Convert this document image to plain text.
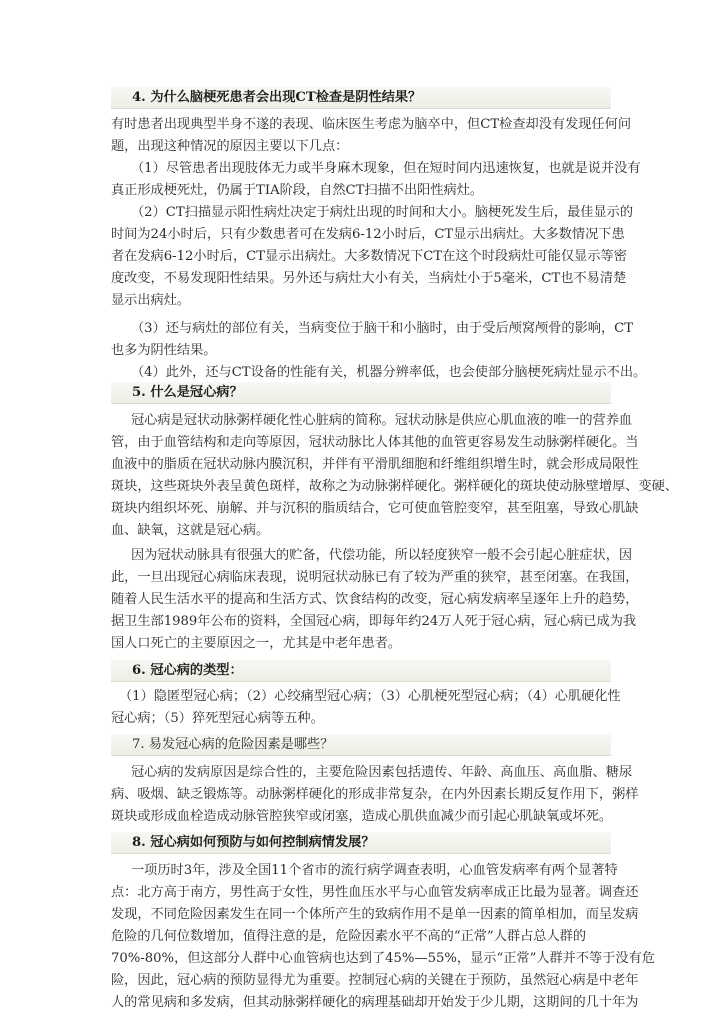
4. 为什么脑梗死患者会出现CT检查是阴性结果？
有时患者出现典型半身不遂的表现、临床医生考虑为脑卒中，但CT检查却没有发现任何问
题，出现这种情况的原因主要以下几点：
（1）尽管患者出现肢体无力或半身麻木现象，但在短时间内迅速恢复，也就是说并没有
真正形成梗死灶，仍属于TIA阶段，自然CT扫描不出阳性病灶。
（2）CT扫描显示阳性病灶决定于病灶出现的时间和大小。脑梗死发生后，最佳显示的
时间为24小时后，只有少数患者可在发病6-12小时后，CT显示出病灶。大多数情况下患
者在发病6-12小时后，CT显示出病灶。大多数情况下CT在这个时段病灶可能仅显示等密
度改变，不易发现阳性结果。另外还与病灶大小有关，当病灶小于5毫米，CT也不易清楚
显示出病灶。
（3）还与病灶的部位有关，当病变位于脑干和小脑时，由于受后颅窝颅骨的影响，CT
也多为阴性结果。
（4）此外，还与CT设备的性能有关，机器分辨率低，也会使部分脑梗死病灶显示不出。
5. 什么是冠心病？
冠心病是冠状动脉粥样硬化性心脏病的简称。冠状动脉是供应心肌血液的唯一的营养血
管，由于血管结构和走向等原因，冠状动脉比人体其他的血管更容易发生动脉粥样硬化。当
血液中的脂质在冠状动脉内膜沉积，并伴有平滑肌细胞和纤维组织增生时，就会形成局限性
斑块，这些斑块外表呈黄色斑样，故称之为动脉粥样硬化。粥样硬化的斑块使动脉壁增厚、变硬、
斑块内组织坏死、崩解、并与沉积的脂质结合，它可使血管腔变窄，甚至阻塞，导致心肌缺
血、缺氧，这就是冠心病。
因为冠状动脉具有很强大的贮备，代偿功能，所以轻度狭窄一般不会引起心脏症状，因
此，一旦出现冠心病临床表现，说明冠状动脉已有了较为严重的狭窄，甚至闭塞。在我国，
随着人民生活水平的提高和生活方式、饮食结构的改变，冠心病发病率呈逐年上升的趋势，
据卫生部1989年公布的资料，全国冠心病，即每年约24万人死于冠心病，冠心病已成为我
国人口死亡的主要原因之一，尤其是中老年患者。
6. 冠心病的类型：
（1）隐匿型冠心病；（2）心绞痛型冠心病；（3）心肌梗死型冠心病；（4）心肌硬化性
冠心病；（5）猝死型冠心病等五种。
7. 易发冠心病的危险因素是哪些？
冠心病的发病原因是综合性的，主要危险因素包括遗传、年龄、高血压、高血脂、糖尿
病、吸烟、缺乏锻炼等。动脉粥样硬化的形成非常复杂，在内外因素长期反复作用下，粥样
斑块或形成血栓造成动脉管腔狭窄或闭塞，造成心肌供血减少而引起心肌缺氧或坏死。
8. 冠心病如何预防与如何控制病情发展？
一项历时3年，涉及全国11个省市的流行病学调查表明，心血管发病率有两个显著特
点：北方高于南方，男性高于女性，男性血压水平与心血管发病率成正比最为显著。调查还
发现，不同危险因素发生在同一个体所产生的致病作用不是单一因素的简单相加，而呈发病
危险的几何位数增加，值得注意的是，危险因素水平不高的“正常”人群占总人群的
70%-80%，但这部分人群中心血管病也达到了45%—55%，显示“正常”人群并不等于没有危
险，因此，冠心病的预防显得尤为重要。控制冠心病的关键在于预防，虽然冠心病是中老年
人的常见病和多发病，但其动脉粥样硬化的病理基础却开始发于少儿期，这期间的几十年为
